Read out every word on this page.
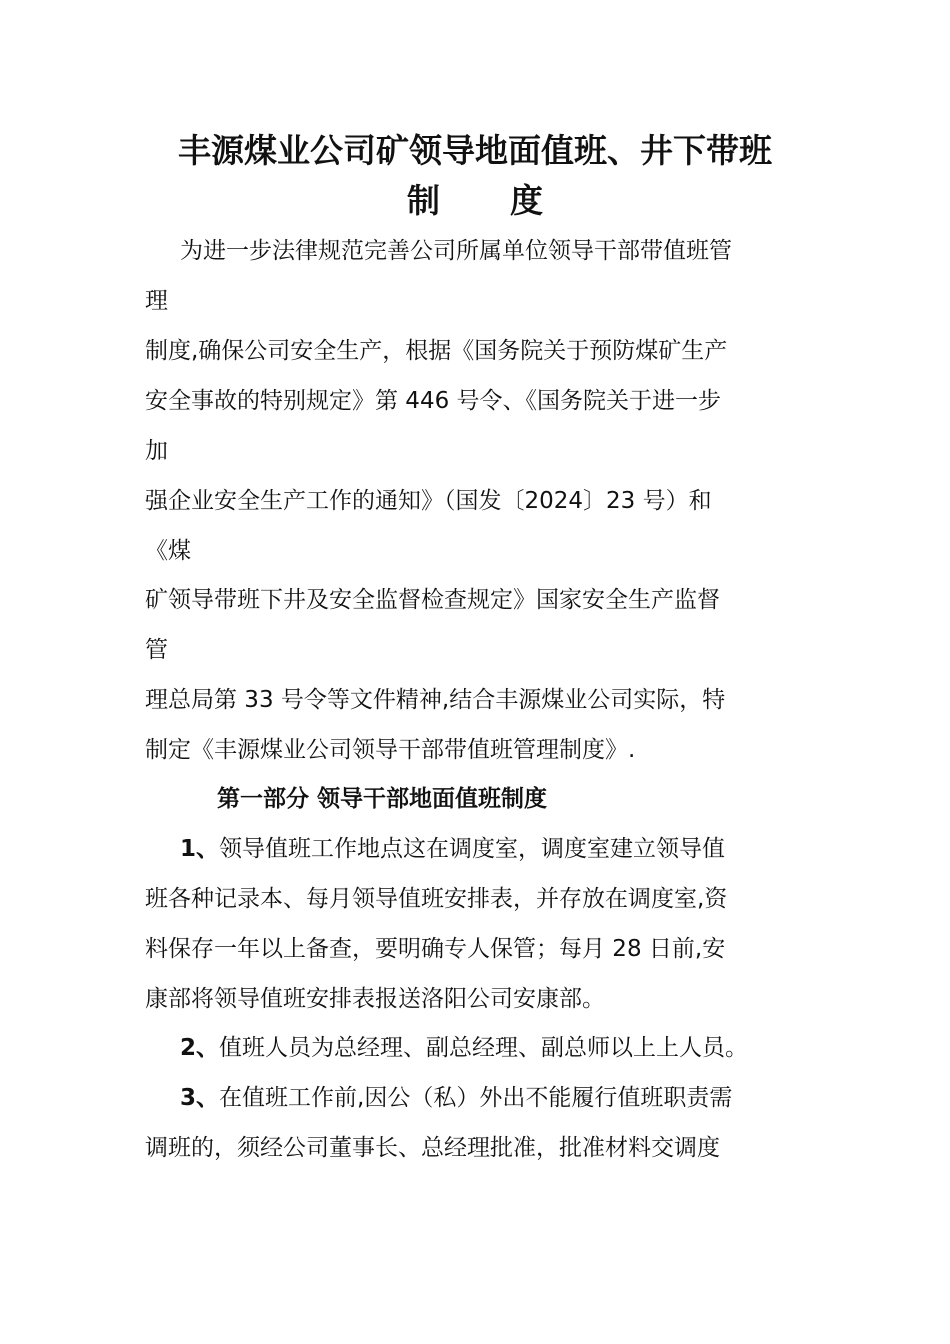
丰源煤业公司矿领导地面值班、井下带班
制 度
为进一步法律规范完善公司所属单位领导干部带值班管
理
制度,确保公司安全生产，根据《国务院关于预防煤矿生产
安全事故的特别规定》第 446 号令、《国务院关于进一步
加
强企业安全生产工作的通知》（国发〔2024〕23 号）和
《煤
矿领导带班下井及安全监督检查规定》国家安全生产监督
管
理总局第 33 号令等文件精神,结合丰源煤业公司实际，特
制定《丰源煤业公司领导干部带值班管理制度》.
第一部分 领导干部地面值班制度
1、领导值班工作地点这在调度室，调度室建立领导值
班各种记录本、每月领导值班安排表，并存放在调度室,资
料保存一年以上备查，要明确专人保管；每月 28 日前,安
康部将领导值班安排表报送洛阳公司安康部。
2、值班人员为总经理、副总经理、副总师以上上人员。
3、在值班工作前,因公（私）外出不能履行值班职责需
调班的，须经公司董事长、总经理批准，批准材料交调度
